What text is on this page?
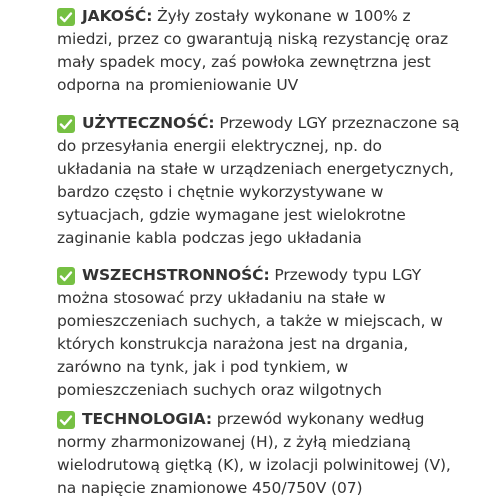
JAKOŚĆ: Żyły zostały wykonane w 100% z
miedzi, przez co gwarantują niską rezystancję oraz
mały spadek mocy, zaś powłoka zewnętrzna jest
odporna na promieniowanie UV
UŻYTECZNOŚĆ: Przewody LGY przeznaczone są
do przesyłania energii elektrycznej, np. do
układania na stałe w urządzeniach energetycznych,
bardzo często i chętnie wykorzystywane w
sytuacjach, gdzie wymagane jest wielokrotne
zaginanie kabla podczas jego układania
WSZECHSTRONNOŚĆ: Przewody typu LGY
można stosować przy układaniu na stałe w
pomieszczeniach suchych, a także w miejscach, w
których konstrukcja narażona jest na drgania,
zarówno na tynk, jak i pod tynkiem, w
pomieszczeniach suchych oraz wilgotnych
TECHNOLOGIA: przewód wykonany według
normy zharmonizowanej (H), z żyłą miedzianą
wielodrutową giętką (K), w izolacji polwinitowej (V),
na napięcie znamionowe 450/750V (07)
